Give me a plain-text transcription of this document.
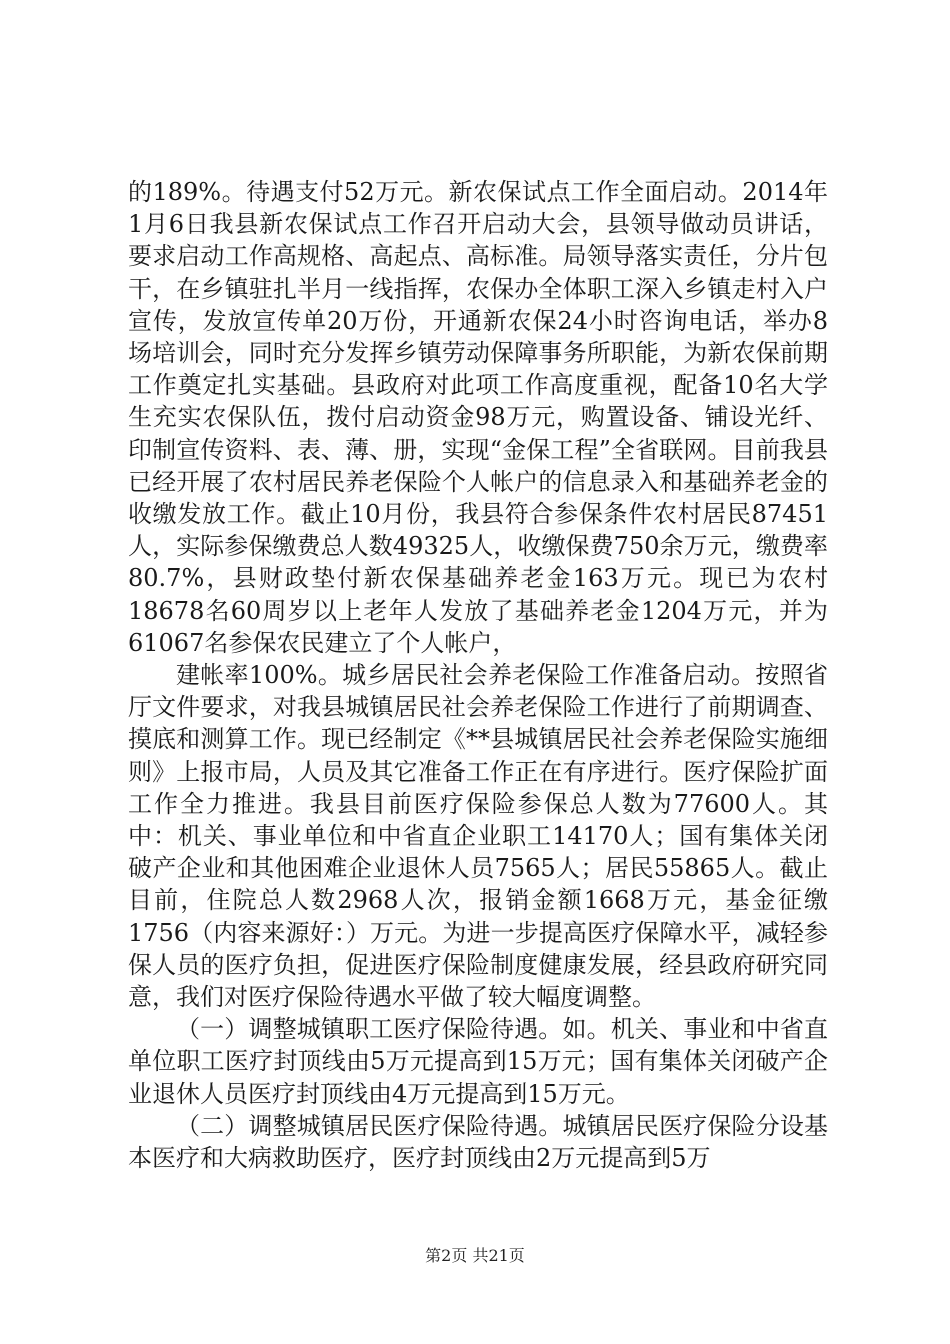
的189%。待遇支付52万元。新农保试点工作全面启动。2014年1月6日我县新农保试点工作召开启动大会，县领导做动员讲话，要求启动工作高规格、高起点、高标准。局领导落实责任，分片包干，在乡镇驻扎半月一线指挥，农保办全体职工深入乡镇走村入户宣传，发放宣传单20万份，开通新农保24小时咨询电话，举办8场培训会，同时充分发挥乡镇劳动保障事务所职能，为新农保前期工作奠定扎实基础。县政府对此项工作高度重视，配备10名大学生充实农保队伍，拨付启动资金98万元，购置设备、铺设光纤、印制宣传资料、表、薄、册，实现“金保工程”全省联网。目前我县已经开展了农村居民养老保险个人帐户的信息录入和基础养老金的收缴发放工作。截止10月份，我县符合参保条件农村居民87451人，实际参保缴费总人数49325人，收缴保费750余万元，缴费率80.7%，县财政垫付新农保基础养老金163万元。现已为农村18678名60周岁以上老年人发放了基础养老金1204万元，并为61067名参保农民建立了个人帐户，

建帐率100%。城乡居民社会养老保险工作准备启动。按照省厅文件要求，对我县城镇居民社会养老保险工作进行了前期调查、摸底和测算工作。现已经制定《**县城镇居民社会养老保险实施细则》上报市局，人员及其它准备工作正在有序进行。医疗保险扩面工作全力推进。我县目前医疗保险参保总人数为77600人。其中：机关、事业单位和中省直企业职工14170人；国有集体关闭破产企业和其他困难企业退休人员7565人；居民55865人。截止目前，住院总人数2968人次，报销金额1668万元，基金征缴1756（内容来源好：）万元。为进一步提高医疗保障水平，减轻参保人员的医疗负担，促进医疗保险制度健康发展，经县政府研究同意，我们对医疗保险待遇水平做了较大幅度调整。

（一）调整城镇职工医疗保险待遇。如。机关、事业和中省直单位职工医疗封顶线由5万元提高到15万元；国有集体关闭破产企业退休人员医疗封顶线由4万元提高到15万元。

（二）调整城镇居民医疗保险待遇。城镇居民医疗保险分设基本医疗和大病救助医疗，医疗封顶线由2万元提高到5万

第2页 共21页
